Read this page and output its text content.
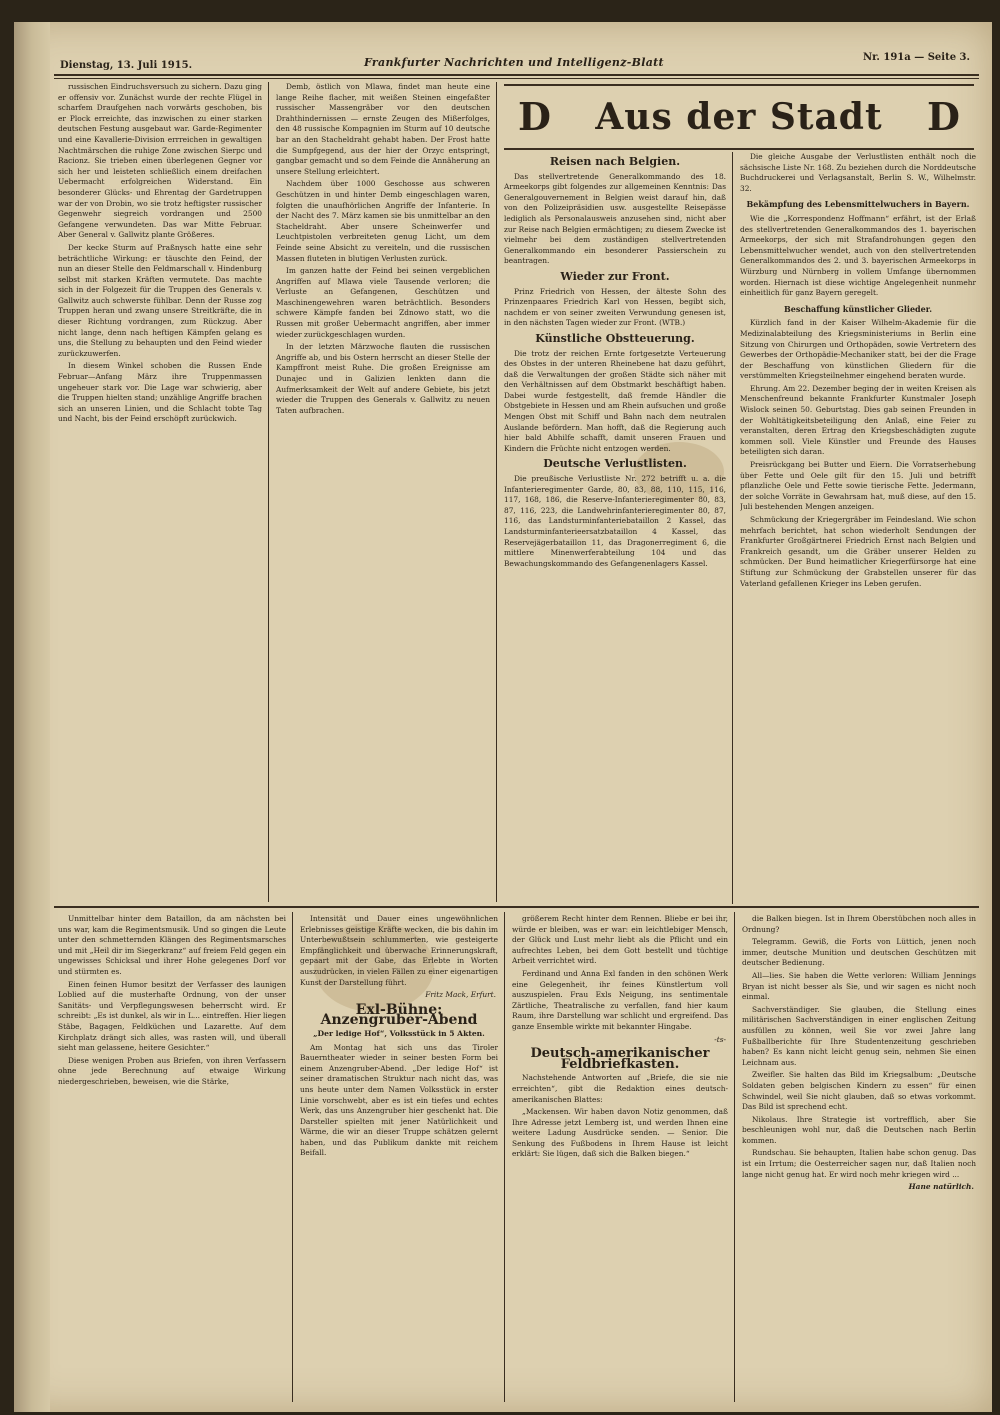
Dienstag, 13. Juli 1915.	Frankfurter Nachrichten und Intelligenz-Blatt	Nr. 191a — Seite 3.
D	Aus der Stadt	D

russischen Eindruchsversuch zu sichern. Dazu ging er offensiv vor. Zunächst wurde der rechte Flügel in scharfem Draufgehen nach vorwärts geschoben, bis er Plock erreichte, das inzwischen zu einer starken deutschen Festung ausgebaut war. Garde-Regimenter und eine Kavallerie-Division errreichen in gewaltigen Nachtmärschen die ruhige Zone zwischen Sierpc und Racionz. Sie trieben einen überlegenen Gegner vor sich her und leisteten schließlich einem dreifachen Uebermacht erfolgreichen Widerstand. Ein besonderer Glücks- und Ehrentag der Gardetruppen war der von Drobin, wo sie trotz heftigster russischer Gegenwehr siegreich vordrangen und 2500 Gefangene verwundeten. Das war Mitte Februar. Aber General v. Gallwitz plante Größeres.

Der kecke Sturm auf Praßnysch hatte eine sehr beträchtliche Wirkung: er täuschte den Feind, der nun an dieser Stelle den Feldmarschall v. Hindenburg selbst mit starken Kräften vermutete. Das machte sich in der Folgezeit für die Truppen des Generals v. Gallwitz auch schwerste fühlbar. Denn der Russe zog Truppen heran und zwang unsere Streitkräfte, die in dieser Richtung vordrangen, zum Rückzug. Aber nicht lange, denn nach heftigen Kämpfen gelang es uns, die Stellung zu behaupten und den Feind wieder zurückzuwerfen.

In diesem Winkel schoben die Russen Ende Februar—Anfang März ihre Truppenmassen ungeheuer stark vor. Die Lage war schwierig, aber die Truppen hielten stand; unzählige Angriffe brachen sich an unseren Linien, und die Schlacht tobte Tag und Nacht, bis der Feind erschöpft zurückwich.

Demb, östlich von Mlawa, findet man heute eine lange Reihe flacher, mit weißen Steinen eingefaßter russischer Massengräber vor den deutschen Drahthindernissen — ernste Zeugen des Mißerfolges, den 48 russische Kompagnien im Sturm auf 10 deutsche bar an den Stacheldraht gehabt haben. Der Frost hatte die Sumpfgegend, aus der hier der Orzyc entspringt, gangbar gemacht und so dem Feinde die Annäherung an unsere Stellung erleichtert.

Nachdem über 1000 Geschosse aus schweren Geschützen in und hinter Demb eingeschlagen waren, folgten die unaufhörlichen Angriffe der Infanterie. In der Nacht des 7. März kamen sie bis unmittelbar an den Stacheldraht. Aber unsere Scheinwerfer und Leuchtpistolen verbreiteten genug Licht, um dem Feinde seine Absicht zu vereiteln, und die russischen Massen fluteten in blutigen Verlusten zurück.

Im ganzen hatte der Feind bei seinen vergeblichen Angriffen auf Mlawa viele Tausende verloren; die Verluste an Gefangenen, Geschützen und Maschinengewehren waren beträchtlich. Besonders schwere Kämpfe fanden bei Zdnowo statt, wo die Russen mit großer Uebermacht angriffen, aber immer wieder zurückgeschlagen wurden.

In der letzten Märzwoche flauten die russischen Angriffe ab, und bis Ostern herrscht an dieser Stelle der Kampffront meist Ruhe. Die großen Ereignisse am Dunajec und in Galizien lenkten dann die Aufmerksamkeit der Welt auf andere Gebiete, bis jetzt wieder die Truppen des Generals v. Gallwitz zu neuen Taten aufbrachen.

Reisen nach Belgien.

Das stellvertretende Generalkommando des 18. Armeekorps gibt folgendes zur allgemeinen Kenntnis: Das Generalgouvernement in Belgien weist darauf hin, daß von den Polizeipräsidien usw. ausgestellte Reisepässe lediglich als Personalausweis anzusehen sind, nicht aber zur Reise nach Belgien ermächtigen; zu diesem Zwecke ist vielmehr bei dem zuständigen stellvertretenden Generalkommando ein besonderer Passierschein zu beantragen.

Wieder zur Front.

Prinz Friedrich von Hessen, der älteste Sohn des Prinzenpaares Friedrich Karl von Hessen, begibt sich, nachdem er von seiner zweiten Verwundung genesen ist, in den nächsten Tagen wieder zur Front. (WTB.)

Künstliche Obstteuerung.

Die trotz der reichen Ernte fortgesetzte Verteuerung des Obstes in der unteren Rheinebene hat dazu geführt, daß die Verwaltungen der großen Städte sich näher mit den Verhältnissen auf dem Obstmarkt beschäftigt haben. Dabei wurde festgestellt, daß fremde Händler die Obstgebiete in Hessen und am Rhein aufsuchen und große Mengen Obst mit Schiff und Bahn nach dem neutralen Auslande befördern. Man hofft, daß die Regierung auch hier bald Abhilfe schafft, damit unseren Frauen und Kindern die Früchte nicht entzogen werden.

Deutsche Verlustlisten.

Die preußische Verlustliste Nr. 272 betrifft u. a. die Infanterieregimenter Garde, 80, 83, 88, 110, 115, 116, 117, 168, 186, die Reserve-Infanterieregimenter 80, 83, 87, 116, 223, die Landwehrinfanterieregimenter 80, 87, 116, das Landsturminfanteriebataillon 2 Kassel, das Landsturminfanterieersatzbataillon 4 Kassel, das Reservejägerbataillon 11, das Dragonerregiment 6, die mittlere Minenwerferabteilung 104 und das Bewachungskommando des Gefangenenlagers Kassel.

Die gleiche Ausgabe der Verlustlisten enthält noch die sächsische Liste Nr. 168. Zu beziehen durch die Norddeutsche Buchdruckerei und Verlagsanstalt, Berlin S. W., Wilhelmstr. 32.

Bekämpfung des Lebensmittelwuchers in Bayern.

Wie die „Korrespondenz Hoffmann“ erfährt, ist der Erlaß des stellvertretenden Generalkommandos des 1. bayerischen Armeekorps, der sich mit Strafandrohungen gegen den Lebensmittelwucher wendet, auch von den stellvertretenden Generalkommandos des 2. und 3. bayerischen Armeekorps in Würzburg und Nürnberg in vollem Umfange übernommen worden. Hiernach ist diese wichtige Angelegenheit nunmehr einheitlich für ganz Bayern geregelt.

Beschaffung künstlicher Glieder.

Kürzlich fand in der Kaiser Wilhelm-Akademie für die Medizinalabteilung des Kriegsministeriums in Berlin eine Sitzung von Chirurgen und Orthopäden, sowie Vertretern des Gewerbes der Orthopädie-Mechaniker statt, bei der die Frage der Beschaffung von künstlichen Gliedern für die verstümmelten Kriegsteilnehmer eingehend beraten wurde.

Ehrung. Am 22. Dezember beging der in weiten Kreisen als Menschenfreund bekannte Frankfurter Kunstmaler Joseph Wislock seinen 50. Geburtstag. Dies gab seinen Freunden in der Wohltätigkeitsbeteiligung den Anlaß, eine Feier zu veranstalten, deren Ertrag den Kriegsbeschädigten zugute kommen soll. Viele Künstler und Freunde des Hauses beteiligten sich daran.

Preisrückgang bei Butter und Eiern. Die Vorratserhebung über Fette und Oele gilt für den 15. Juli und betrifft pflanzliche Oele und Fette sowie tierische Fette. Jedermann, der solche Vorräte in Gewahrsam hat, muß diese, auf den 15. Juli bestehenden Mengen anzeigen.

Schmückung der Kriegergräber im Feindesland. Wie schon mehrfach berichtet, hat schon wiederholt Sendungen der Frankfurter Großgärtnerei Friedrich Ernst nach Belgien und Frankreich gesandt, um die Gräber unserer Helden zu schmücken. Der Bund heimatlicher Kriegerfürsorge hat eine Stiftung zur Schmückung der Grabstellen unserer für das Vaterland gefallenen Krieger ins Leben gerufen.

Unmittelbar hinter dem Bataillon, da am nächsten bei uns war, kam die Regimentsmusik. Und so gingen die Leute unter den schmetternden Klängen des Regimentsmarsches und mit „Heil dir im Siegerkranz“ auf freiem Feld gegen ein ungewisses Schicksal und ihrer Hohe gelegenes Dorf vor und stürmten es.

Einen feinen Humor besitzt der Verfasser des launigen Loblied auf die musterhafte Ordnung, von der unser Sanitäts- und Verpflegungswesen beherrscht wird. Er schreibt: „Es ist dunkel, als wir in L... eintreffen. Hier liegen Stäbe, Bagagen, Feldküchen und Lazarette. Auf dem Kirchplatz drängt sich alles, was rasten will, und überall sieht man gelassene, heitere Gesichter.“

Diese wenigen Proben aus Briefen, von ihren Verfassern ohne jede Berechnung auf etwaige Wirkung niedergeschrieben, beweisen, wie die Stärke,

Intensität und Dauer eines ungewöhnlichen Erlebnisses geistige Kräfte wecken, die bis dahin im Unterbewußtsein schlummerten, wie gesteigerte Empfänglichkeit und überwache Erinnerungskraft, gepaart mit der Gabe, das Erlebte in Worten auszudrücken, in vielen Fällen zu einer eigenartigen Kunst der Darstellung führt.

Fritz Mack, Erfurt.
Exl-Bühne: Anzengruber-Abend
„Der ledige Hof“, Volksstück in 5 Akten.

Am Montag hat sich uns das Tiroler Bauerntheater wieder in seiner besten Form bei einem Anzengruber-Abend. „Der ledige Hof“ ist seiner dramatischen Struktur nach nicht das, was uns heute unter dem Namen Volksstück in erster Linie vorschwebt, aber es ist ein tiefes und echtes Werk, das uns Anzengruber hier geschenkt hat. Die Darsteller spielten mit jener Natürlichkeit und Wärme, die wir an dieser Truppe schätzen gelernt haben, und das Publikum dankte mit reichem Beifall.

größerem Recht hinter dem Rennen. Bliebe er bei ihr, würde er bleiben, was er war: ein leichtlebiger Mensch, der Glück und Lust mehr liebt als die Pflicht und ein aufrechtes Leben, bei dem Gott bestellt und tüchtige Arbeit verrichtet wird.

Ferdinand und Anna Exl fanden in den schönen Werk eine Gelegenheit, ihr feines Künstlertum voll auszuspielen. Frau Exls Neigung, ins sentimentale Zärtliche, Theatralische zu verfallen, fand hier kaum Raum, ihre Darstellung war schlicht und ergreifend. Das ganze Ensemble wirkte mit bekannter Hingabe.

-ts-
Deutsch-amerikanischer Feldbriefkasten.

Nachstehende Antworten auf „Briefe, die sie nie erreichten“, gibt die Redaktion eines deutsch-amerikanischen Blattes:

„Mackensen. Wir haben davon Notiz genommen, daß Ihre Adresse jetzt Lemberg ist, und werden Ihnen eine weitere Ladung Ausdrücke senden. — Senior. Die Senkung des Fußbodens in Ihrem Hause ist leicht erklärt: Sie lügen, daß sich die Balken biegen.“

die Balken biegen. Ist in Ihrem Oberstübchen noch alles in Ordnung?

Telegramm. Gewiß, die Forts von Lüttich, jenen noch immer, deutsche Munition und deutschen Geschützen mit deutscher Bedienung.

All—lies. Sie haben die Wette verloren: William Jennings Bryan ist nicht besser als Sie, und wir sagen es nicht noch einmal.

Sachverständiger. Sie glauben, die Stellung eines militärischen Sachverständigen in einer englischen Zeitung ausfüllen zu können, weil Sie vor zwei Jahre lang Fußballberichte für Ihre Studentenzeitung geschrieben haben? Es kann nicht leicht genug sein, nehmen Sie einen Leichnam aus.

Zweifler. Sie halten das Bild im Kriegsalbum: „Deutsche Soldaten geben belgischen Kindern zu essen“ für einen Schwindel, weil Sie nicht glauben, daß so etwas vorkommt. Das Bild ist sprechend echt.

Nikolaus. Ihre Strategie ist vortrefflich, aber Sie beschleunigen wohl nur, daß die Deutschen nach Berlin kommen.

Rundschau. Sie behaupten, Italien habe schon genug. Das ist ein Irrtum; die Oesterreicher sagen nur, daß Italien noch lange nicht genug hat. Er wird noch mehr kriegen wird ...

Hane natürlich.
